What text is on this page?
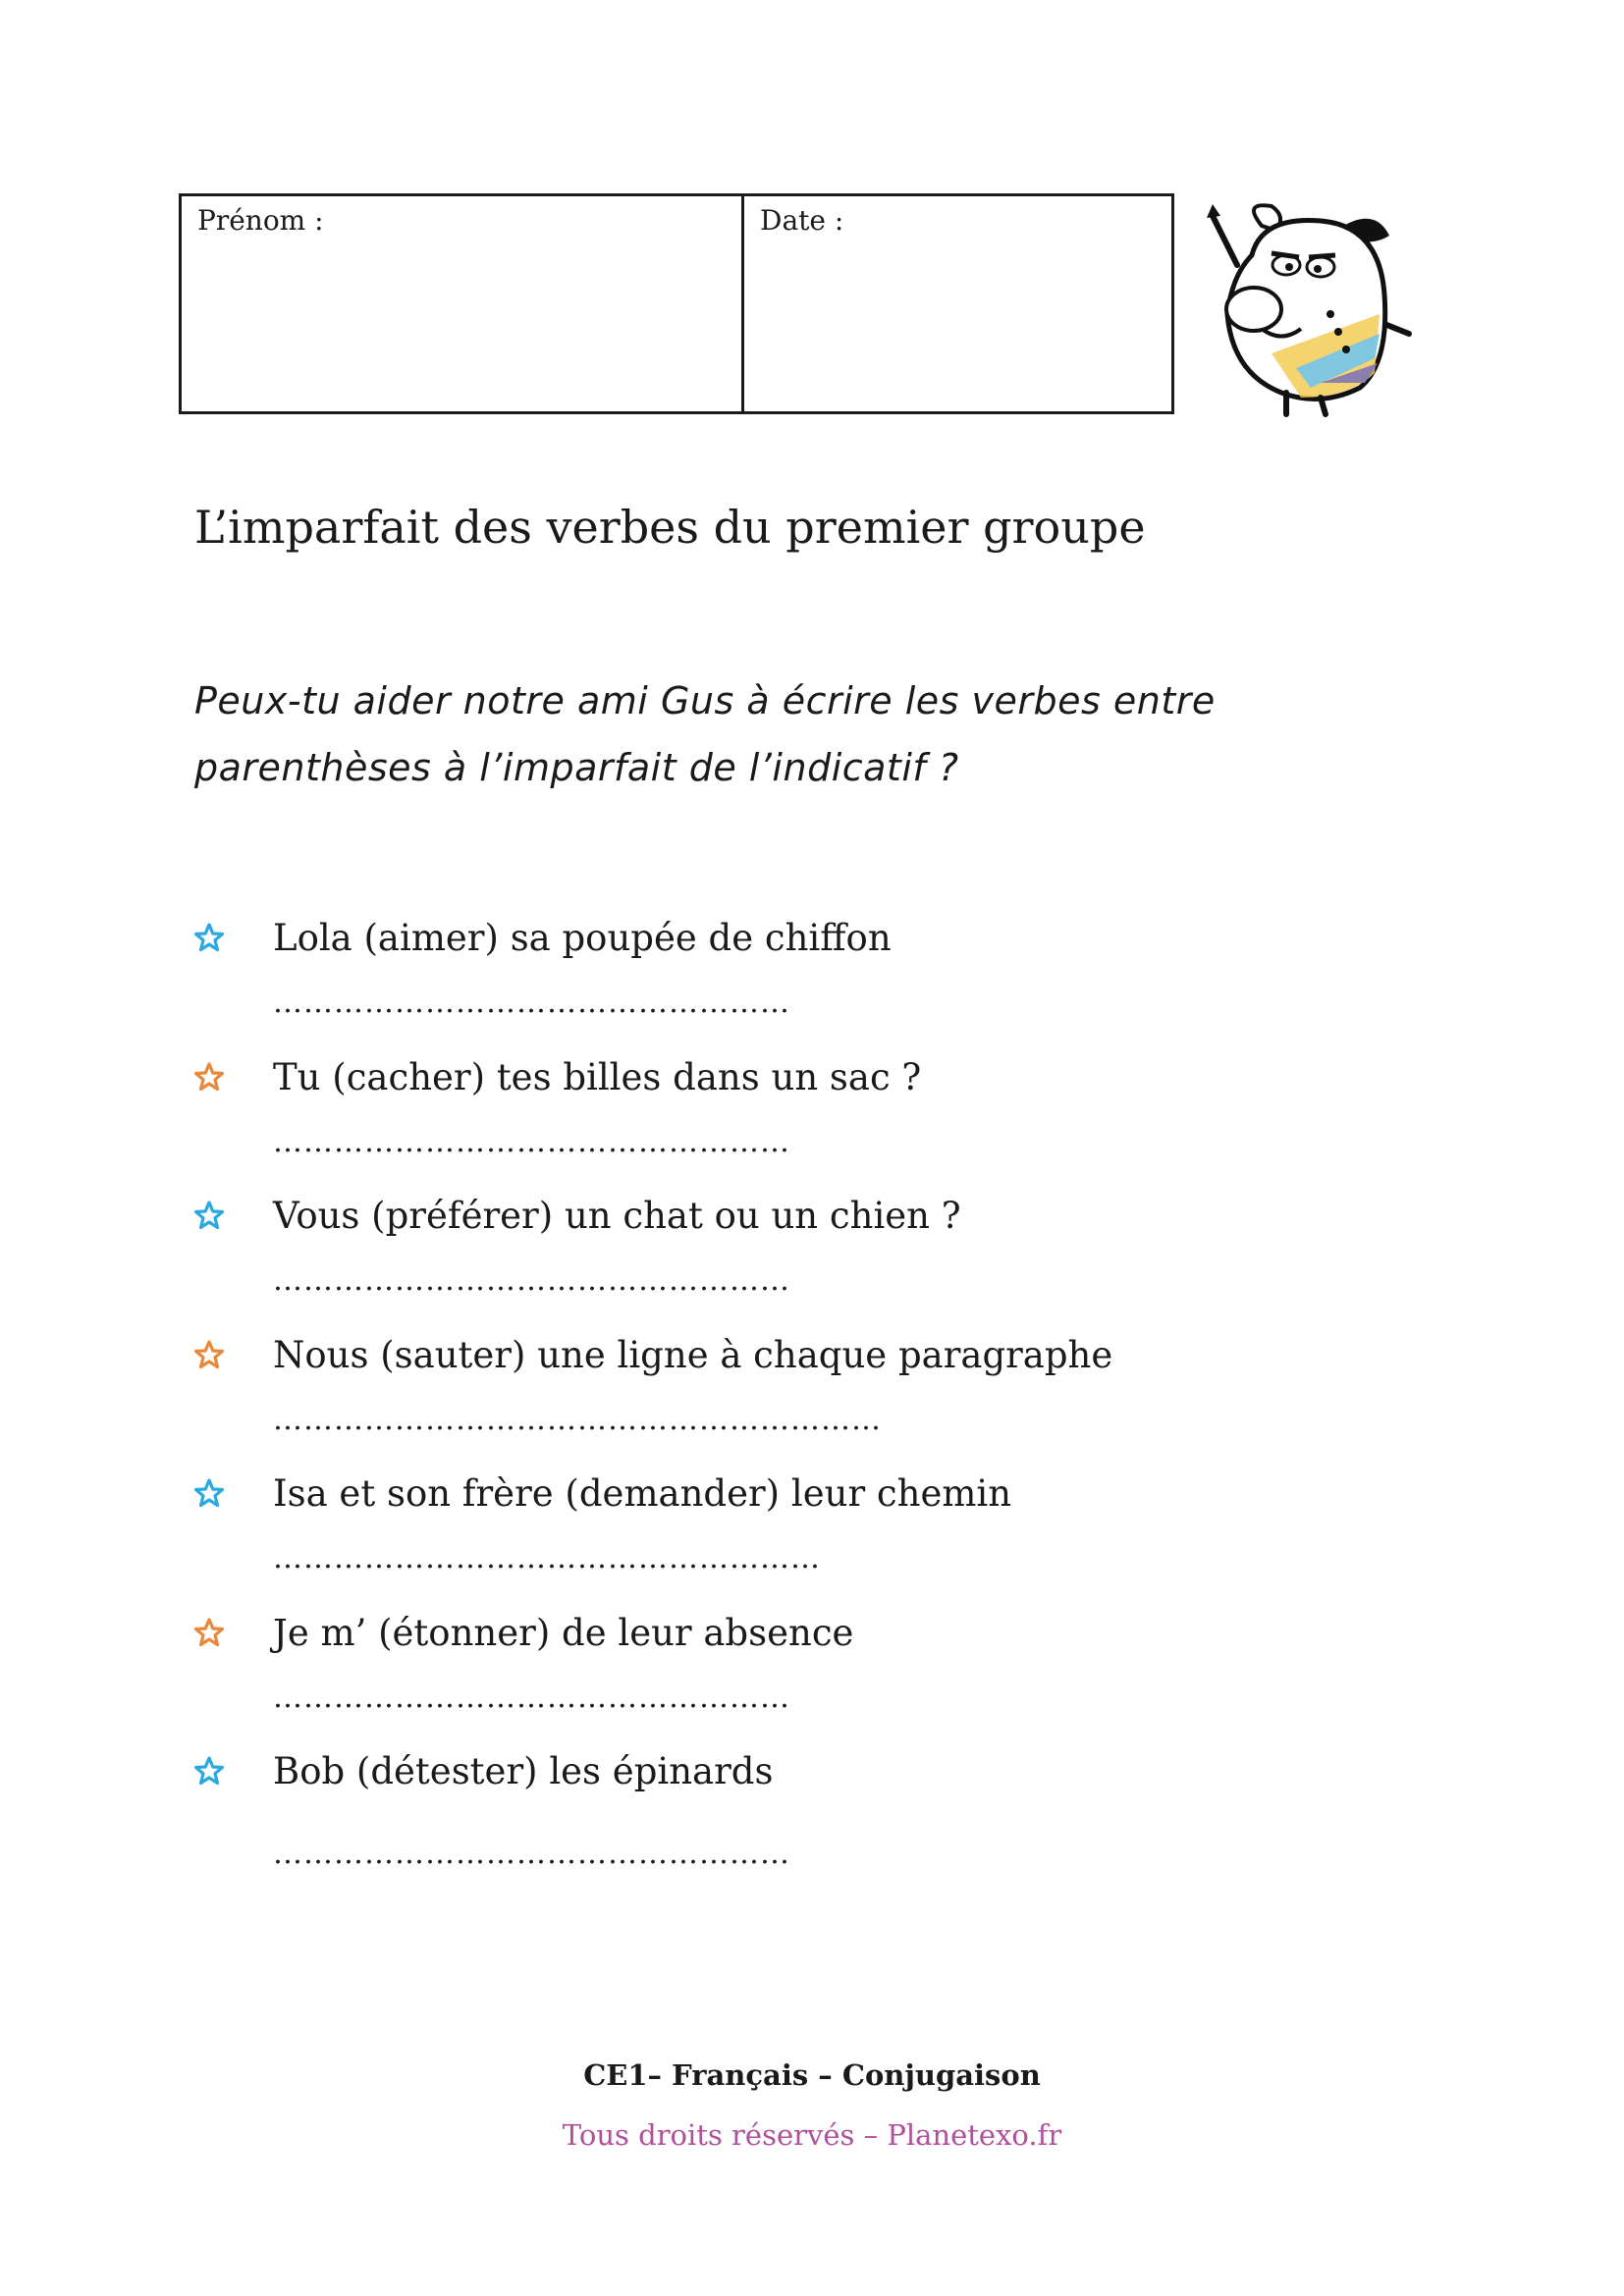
Prénom :	Date :
L’imparfait des verbes du premier groupe

Peux-tu aider notre ami Gus à écrire les verbes entre parenthèses à l’imparfait de l’indicatif ?

Lola (aimer) sa poupée de chiffon
……………………………………………
Tu (cacher) tes billes dans un sac ?
……………………………………………
Vous (préférer) un chat ou un chien ?
……………………………………………
Nous (sauter) une ligne à chaque paragraphe
……………………………………………………
Isa et son frère (demander) leur chemin
………………………………………………
Je m’ (étonner) de leur absence
……………………………………………
Bob (détester) les épinards
……………………………………………
CE1– Français – Conjugaison
Tous droits réservés – Planetexo.fr
